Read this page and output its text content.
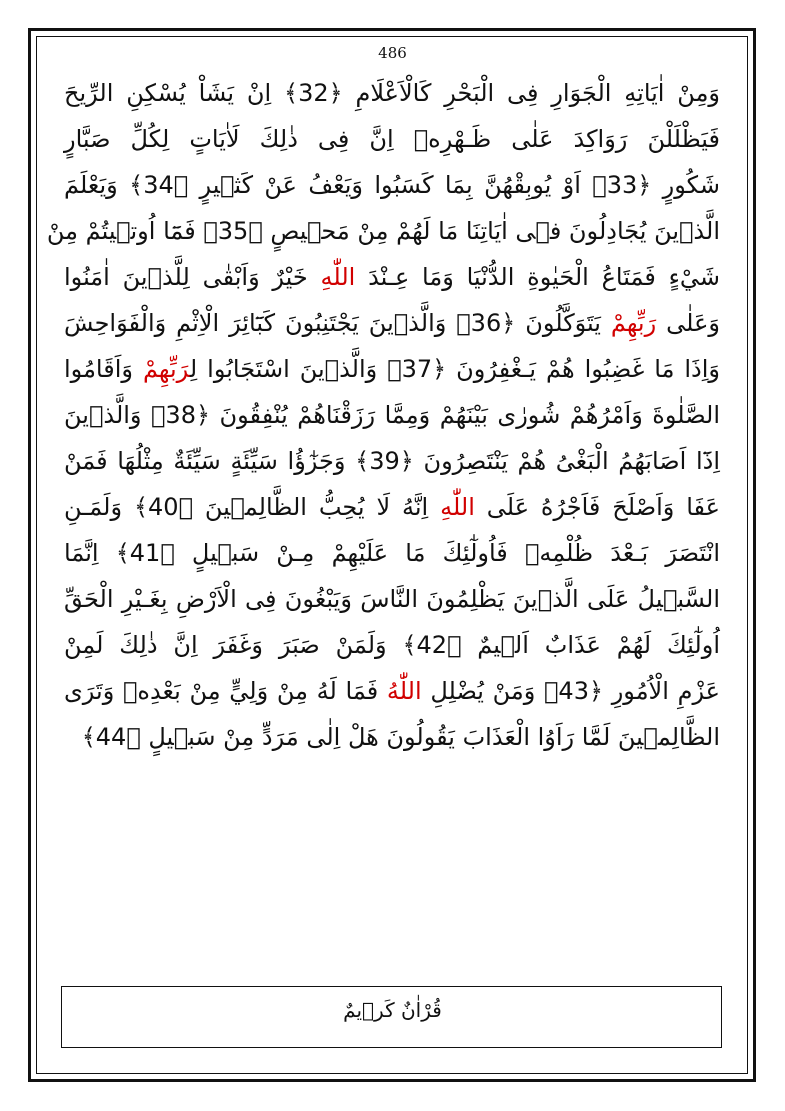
486
وَمِنْ اٰيَاتِهِ الْجَوَارِ فِى الْبَحْرِ كَالْاَعْلَامِ ﴿32﴾ اِنْ يَشَاْ يُسْكِنِ الرِّيحَ
فَيَظْلَلْنَ رَوَاكِدَ عَلٰى ظَـهْرِه۪ اِنَّ فِى ذٰلِكَ لَاٰيَاتٍ لِكُلِّ صَبَّارٍ
شَكُورٍ ﴿33﴾ اَوْ يُوبِقْهُنَّ بِمَا كَسَبُوا وَيَعْفُ عَنْ كَثٖيرٍ ﴿34﴾ وَيَعْلَمَ
الَّذٖينَ يُجَادِلُونَ فٖى اٰيَاتِنَا مَا لَهُمْ مِنْ مَحٖيصٍ ﴿35﴾ فَمَٓا اُوتٖيتُمْ مِنْ
شَيْءٍ فَمَتَاعُ الْحَيٰوةِ الدُّنْيَا وَمَا عِـنْدَ اللّٰهِ خَيْرٌ وَاَبْقٰى لِلَّذٖينَ اٰمَنُوا
وَعَلٰى رَبِّهِمْ يَتَوَكَّلُونَ ﴿36﴾ وَالَّذٖينَ يَجْتَنِبُونَ كَبَٓائِرَ الْاِثْمِ وَالْفَوَاحِشَ
وَاِذَا مَا غَضِبُوا هُمْ يَـغْفِرُونَ ﴿37﴾ وَالَّذٖينَ اسْتَجَابُوا لِرَبِّهِمْ وَاَقَامُوا
الصَّلٰوةَ وَاَمْرُهُمْ شُورٰى بَيْنَهُمْ وَمِمَّا رَزَقْنَاهُمْ يُنْفِقُونَ ﴿38﴾ وَالَّذٖينَ
اِذَٓا اَصَابَهُمُ الْبَغْىُ هُمْ يَنْتَصِرُونَ ﴿39﴾ وَجَزٰٓؤُا سَيِّئَةٍ سَيِّئَةٌ مِثْلُهَا فَمَنْ
عَفَا وَاَصْلَحَ فَاَجْرُهُ عَلَى اللّٰهِ اِنَّهُ لَا يُحِبُّ الظَّالِمٖينَ ﴿40﴾ وَلَمَـنِ
انْتَصَرَ بَـعْدَ ظُلْمِه۪ فَاُولٰٓئِكَ مَا عَلَيْهِمْ مِـنْ سَبٖيلٍ ﴿41﴾ اِنَّمَا
السَّبٖيلُ عَلَى الَّذٖينَ يَظْلِمُونَ النَّاسَ وَيَبْغُونَ فِى الْاَرْضِ بِغَـيْرِ الْحَقِّ
اُولٰٓئِكَ لَهُمْ عَذَابٌ اَلٖيمٌ ﴿42﴾ وَلَمَنْ صَبَرَ وَغَفَرَ اِنَّ ذٰلِكَ لَمِنْ
عَزْمِ الْاُمُورِ ﴿43﴾ وَمَنْ يُضْلِلِ اللّٰهُ فَمَا لَهُ مِنْ وَلِيٍّ مِنْ بَعْدِه۪ وَتَرَى
الظَّالِمٖينَ لَمَّا رَاَوُا الْعَذَابَ يَقُولُونَ هَلْ اِلٰى مَرَدٍّ مِنْ سَبٖيلٍ ﴿44﴾
قُرْاٰنٌ كَرٖيمٌ
